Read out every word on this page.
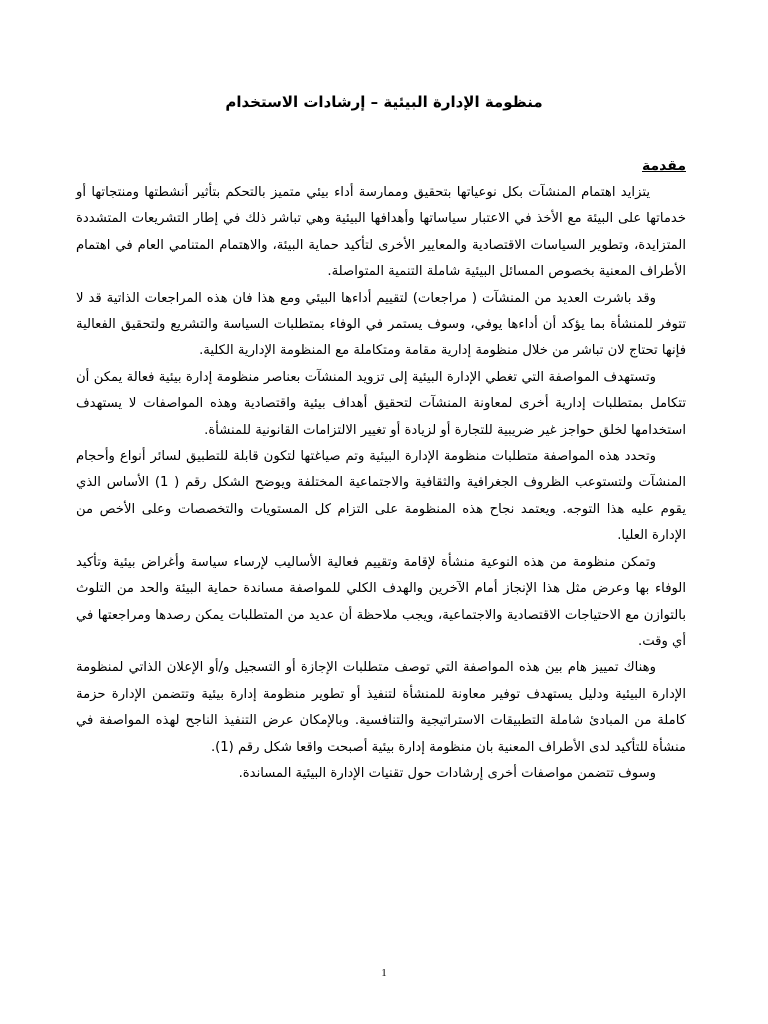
منظومة الإدارة البيئية – إرشادات الاستخدام
مقدمة

يتزايد اهتمام المنشآت بكل نوعياتها بتحقيق وممارسة أداء بيئي متميز بالتحكم بتأثير أنشطتها ومنتجاتها أو خدماتها على البيئة مع الأخذ في الاعتبار سياساتها وأهدافها البيئية وهي تباشر ذلك في إطار التشريعات المتشددة المتزايدة، وتطوير السياسات الاقتصادية والمعايير الأخرى لتأكيد حماية البيئة، والاهتمام المتنامي العام في اهتمام الأطراف المعنية بخصوص المسائل البيئية شاملة التنمية المتواصلة.

وقد باشرت العديد من المنشآت ( مراجعات) لتقييم أداءها البيئي ومع هذا فان هذه المراجعات الذاتية قد لا تتوفر للمنشأة بما يؤكد أن أداءها يوفي، وسوف يستمر في الوفاء بمتطلبات السياسة والتشريع ولتحقيق الفعالية فإنها تحتاج لان تباشر من خلال منظومة إدارية مقامة ومتكاملة مع المنظومة الإدارية الكلية.

وتستهدف المواصفة التي تغطي الإدارة البيئية إلى تزويد المنشآت بعناصر منظومة إدارة بيئية فعالة يمكن أن تتكامل بمتطلبات إدارية أخرى لمعاونة المنشآت لتحقيق أهداف بيئية واقتصادية وهذه المواصفات لا يستهدف استخدامها لخلق حواجز غير ضريبية للتجارة أو لزيادة أو تغيير الالتزامات القانونية للمنشأة.

وتحدد هذه المواصفة متطلبات منظومة الإدارة البيئية وتم صياغتها لتكون قابلة للتطبيق لسائر أنواع وأحجام المنشآت ولتستوعب الظروف الجغرافية والثقافية والاجتماعية المختلفة ويوضح الشكل رقم ( 1) الأساس الذي يقوم عليه هذا التوجه. ويعتمد نجاح هذه المنظومة على التزام كل المستويات والتخصصات وعلى الأخص من الإدارة العليا.

وتمكن منظومة من هذه النوعية منشأة لإقامة وتقييم فعالية الأساليب لإرساء سياسة وأغراض بيئية وتأكيد الوفاء بها وعرض مثل هذا الإنجاز أمام الآخرين والهدف الكلي للمواصفة مساندة حماية البيئة والحد من التلوث بالتوازن مع الاحتياجات الاقتصادية والاجتماعية، ويجب ملاحظة أن عديد من المتطلبات يمكن رصدها ومراجعتها في أي وقت.

وهناك تمييز هام بين هذه المواصفة التي توصف متطلبات الإجازة أو التسجيل و/أو الإعلان الذاتي لمنظومة الإدارة البيئية ودليل يستهدف توفير معاونة للمنشأة لتنفيذ أو تطوير منظومة إدارة بيئية وتتضمن الإدارة حزمة كاملة من المبادئ شاملة التطبيقات الاستراتيجية والتنافسية. وبالإمكان عرض التنفيذ الناجح لهذه المواصفة في منشأة للتأكيد لدى الأطراف المعنية بان منظومة إدارة بيئية أصبحت واقعا شكل رقم (1).

وسوف تتضمن مواصفات أخرى إرشادات حول تقنيات الإدارة البيئية المساندة.

1
